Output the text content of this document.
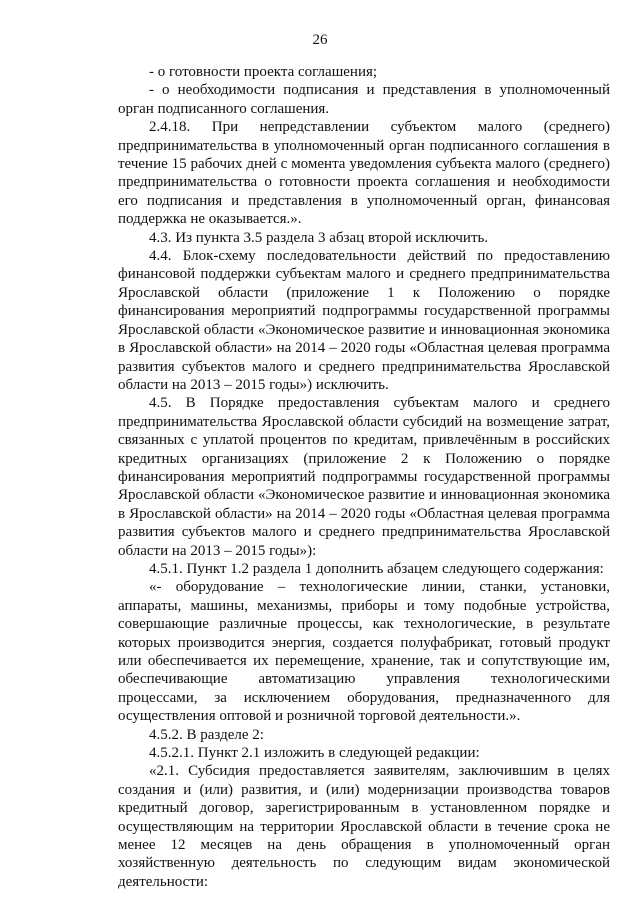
26

- о готовности проекта соглашения;

- о необходимости подписания и представления в уполномоченный орган подписанного соглашения.

2.4.18. При непредставлении субъектом малого (среднего) предпринимательства в уполномоченный орган подписанного соглашения в течение 15 рабочих дней с момента уведомления субъекта малого (среднего) предпринимательства о готовности проекта соглашения и необходимости его подписания и представления в уполномоченный орган, финансовая поддержка не оказывается.».

4.3. Из пункта 3.5 раздела 3 абзац второй исключить.

4.4. Блок-схему последовательности действий по предоставлению финансовой поддержки субъектам малого и среднего предпринимательства Ярославской области (приложение 1 к Положению о порядке финансирования мероприятий подпрограммы государственной программы Ярославской области «Экономическое развитие и инновационная экономика в Ярославской области» на 2014 – 2020 годы «Областная целевая программа развития субъектов малого и среднего предпринимательства Ярославской области на 2013 – 2015 годы») исключить.

4.5. В Порядке предоставления субъектам малого и среднего предпринимательства Ярославской области субсидий на возмещение затрат, связанных с уплатой процентов по кредитам, привлечённым в российских кредитных организациях (приложение 2 к Положению о порядке финансирования мероприятий подпрограммы государственной программы Ярославской области «Экономическое развитие и инновационная экономика в Ярославской области» на 2014 – 2020 годы «Областная целевая программа развития субъектов малого и среднего предпринимательства Ярославской области на 2013 – 2015 годы»):

4.5.1. Пункт 1.2 раздела 1 дополнить абзацем следующего содержания:

«- оборудование – технологические линии, станки, установки, аппараты, машины, механизмы, приборы и тому подобные устройства, совершающие различные процессы, как технологические, в результате которых производится энергия, создается полуфабрикат, готовый продукт или обеспечивается их перемещение, хранение, так и сопутствующие им, обеспечивающие автоматизацию управления технологическими процессами, за исключением оборудования, предназначенного для осуществления оптовой и розничной торговой деятельности.».

4.5.2. В разделе 2:

4.5.2.1. Пункт 2.1 изложить в следующей редакции:

«2.1. Субсидия предоставляется заявителям, заключившим в целях создания и (или) развития, и (или) модернизации производства товаров кредитный договор, зарегистрированным в установленном порядке и осуществляющим на территории Ярославской области в течение срока не менее 12 месяцев на день обращения в уполномоченный орган хозяйственную деятельность по следующим видам экономической деятельности:
